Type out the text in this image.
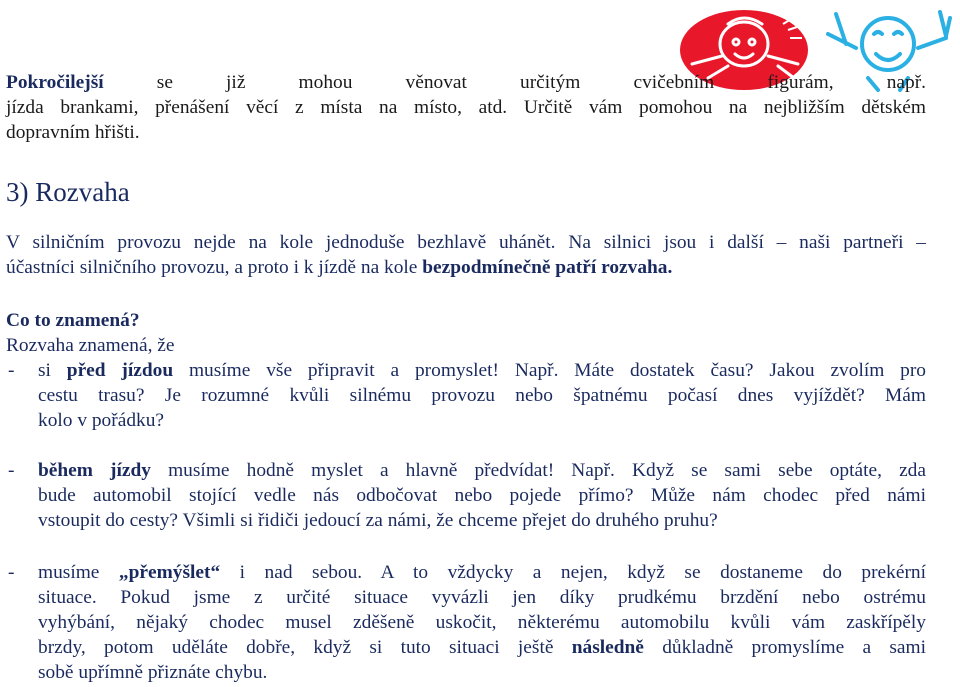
Pokročilejší se již mohou věnovat určitým cvičebním figurám, např.
jízda brankami, přenášení věcí z místa na místo, atd. Určitě vám pomohou na nejbližším dětském
dopravním hřišti.
3) Rozvaha
V silničním provozu nejde na kole jednoduše bezhlavě uhánět. Na silnici jsou i další – naši partneři –
účastníci silničního provozu, a proto i k jízdě na kole bezpodmínečně patří rozvaha.
Co to znamená?
Rozvaha znamená, že
- si před jízdou musíme vše připravit a promyslet! Např. Máte dostatek času? Jakou zvolím pro
cestu trasu? Je rozumné kvůli silnému provozu nebo špatnému počasí dnes vyjíždět? Mám
kolo v pořádku?
- během jízdy musíme hodně myslet a hlavně předvídat! Např. Když se sami sebe optáte, zda
bude automobil stojící vedle nás odbočovat nebo pojede přímo? Může nám chodec před námi
vstoupit do cesty? Všimli si řidiči jedoucí za námi, že chceme přejet do druhého pruhu?
- musíme „přemýšlet“ i nad sebou. A to vždycky a nejen, když se dostaneme do prekérní
situace. Pokud jsme z určité situace vyvázli jen díky prudkému brzdění nebo ostrému
vyhýbání, nějaký chodec musel zděšeně uskočit, některému automobilu kvůli vám zaskřípěly
brzdy, potom uděláte dobře, když si tuto situaci ještě následně důkladně promyslíme a sami
sobě upřímně přiznáte chybu.
